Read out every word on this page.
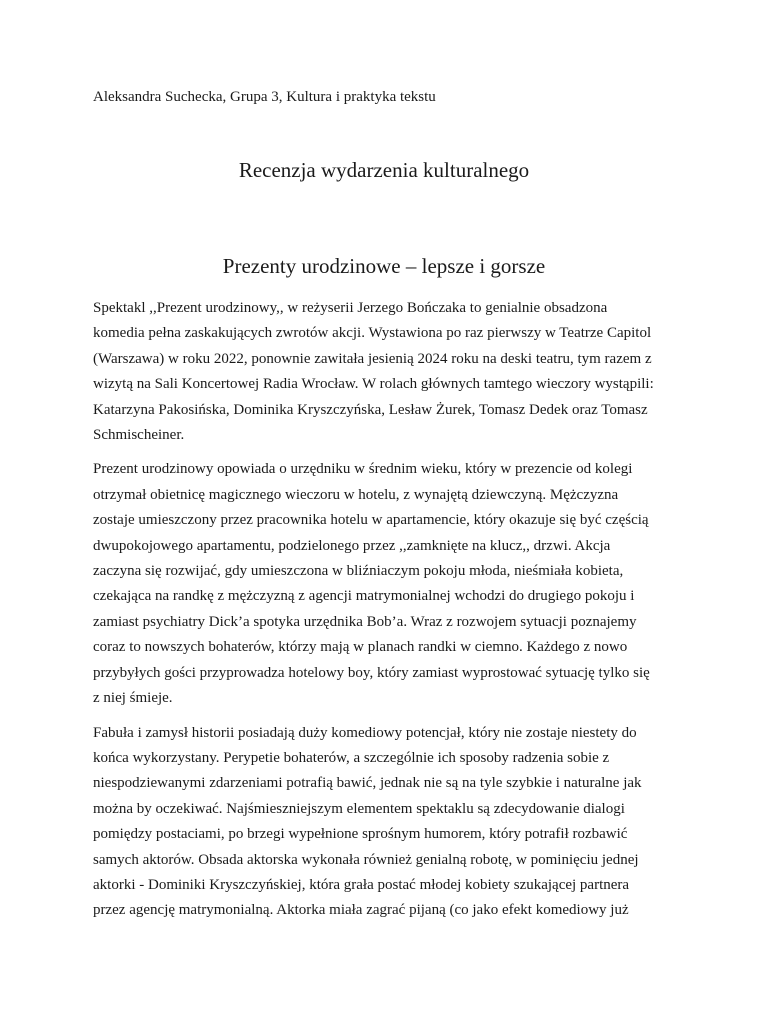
Aleksandra Suchecka, Grupa 3, Kultura i praktyka tekstu
Recenzja wydarzenia kulturalnego
Prezenty urodzinowe – lepsze i gorsze

Spektakl ,,Prezent urodzinowy,, w reżyserii Jerzego Bończaka to genialnie obsadzona
komedia pełna zaskakujących zwrotów akcji. Wystawiona po raz pierwszy w Teatrze Capitol
(Warszawa) w roku 2022, ponownie zawitała jesienią 2024 roku na deski teatru, tym razem z
wizytą na Sali Koncertowej Radia Wrocław. W rolach głównych tamtego wieczory wystąpili:
Katarzyna Pakosińska, Dominika Kryszczyńska, Lesław Żurek, Tomasz Dedek oraz Tomasz
Schmischeiner.

Prezent urodzinowy opowiada o urzędniku w średnim wieku, który w prezencie od kolegi
otrzymał obietnicę magicznego wieczoru w hotelu, z wynajętą dziewczyną. Mężczyzna
zostaje umieszczony przez pracownika hotelu w apartamencie, który okazuje się być częścią
dwupokojowego apartamentu, podzielonego przez ,,zamknięte na klucz,, drzwi. Akcja
zaczyna się rozwijać, gdy umieszczona w bliźniaczym pokoju młoda, nieśmiała kobieta,
czekająca na randkę z mężczyzną z agencji matrymonialnej wchodzi do drugiego pokoju i
zamiast psychiatry Dick’a spotyka urzędnika Bob’a. Wraz z rozwojem sytuacji poznajemy
coraz to nowszych bohaterów, którzy mają w planach randki w ciemno. Każdego z nowo
przybyłych gości przyprowadza hotelowy boy, który zamiast wyprostować sytuację tylko się
z niej śmieje.

Fabuła i zamysł historii posiadają duży komediowy potencjał, który nie zostaje niestety do
końca wykorzystany. Perypetie bohaterów, a szczególnie ich sposoby radzenia sobie z
niespodziewanymi zdarzeniami potrafią bawić, jednak nie są na tyle szybkie i naturalne jak
można by oczekiwać. Najśmieszniejszym elementem spektaklu są zdecydowanie dialogi
pomiędzy postaciami, po brzegi wypełnione sprośnym humorem, który potrafił rozbawić
samych aktorów. Obsada aktorska wykonała również genialną robotę, w pominięciu jednej
aktorki - Dominiki Kryszczyńskiej, która grała postać młodej kobiety szukającej partnera
przez agencję matrymonialną. Aktorka miała zagrać pijaną (co jako efekt komediowy już
